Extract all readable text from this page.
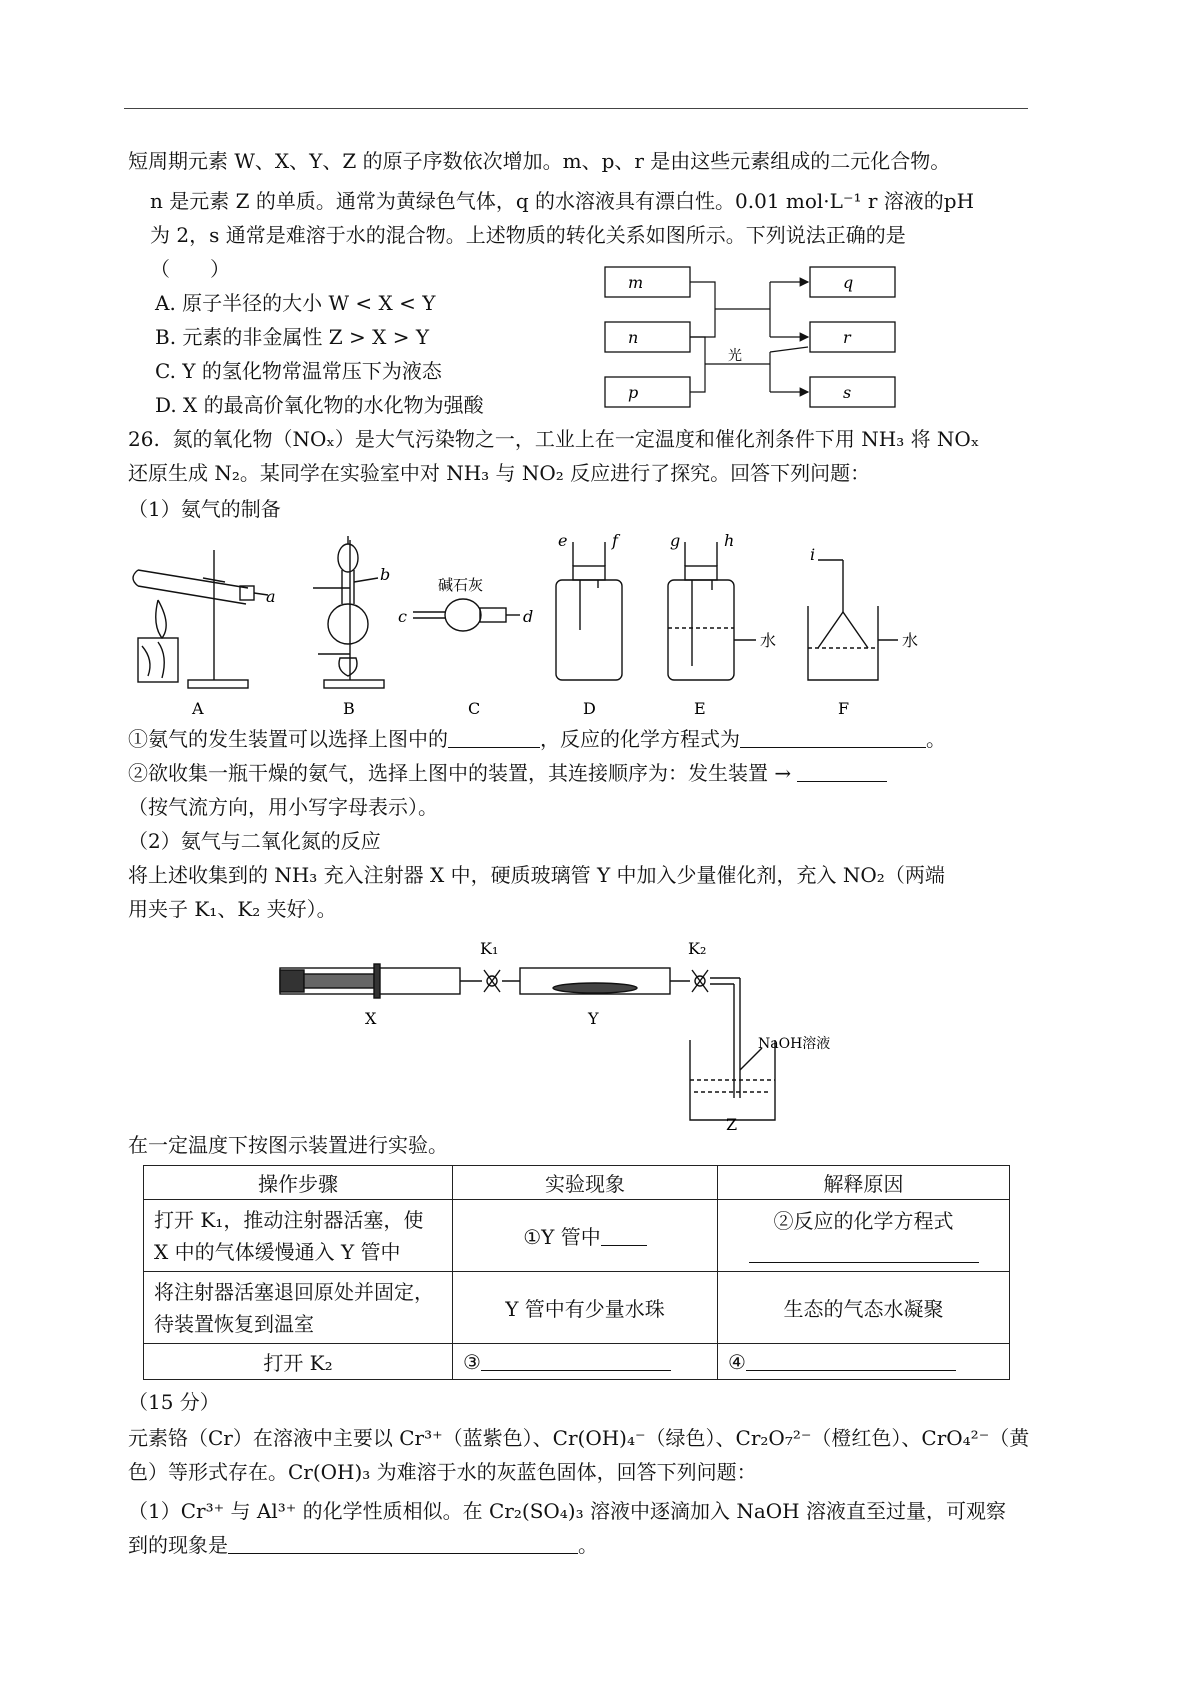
短周期元素 W、X、Y、Z 的原子序数依次增加。m、p、r 是由这些元素组成的二元化合物。
n 是元素 Z 的单质。通常为黄绿色气体，q 的水溶液具有漂白性。0.01 mol·L⁻¹ r 溶液的pH
为 2，s 通常是难溶于水的混合物。上述物质的转化关系如图所示。下列说法正确的是
（　　）
A. 原子半径的大小 W < X < Y
B. 元素的非金属性 Z > X > Y
C. Y 的氢化物常温常压下为液态
D. X 的最高价氧化物的水化物为强酸
m
n
p
q
r
s
光
26. 氮的氧化物（NOₓ）是大气污染物之一，工业上在一定温度和催化剂条件下用 NH₃ 将 NOₓ
还原生成 N₂。某同学在实验室中对 NH₃ 与 NO₂ 反应进行了探究。回答下列问题：
（1）氨气的制备
a
b
c	d
e	f	g	h
i
碱石灰
水	水
A	B	C	D	E	F
①氨气的发生装置可以选择上图中的	，反应的化学方程式为	。
②欲收集一瓶干燥的氨气，选择上图中的装置，其连接顺序为：发生装置 →
（按气流方向，用小写字母表示）。
（2）氨气与二氧化氮的反应
将上述收集到的 NH₃ 充入注射器 X 中，硬质玻璃管 Y 中加入少量催化剂，充入 NO₂（两端
用夹子 K₁、K₂ 夹好）。
X	Y
K₁	K₂
NaOH溶液
Z
在一定温度下按图示装置进行实验。
操作步骤	实验现象	解释原因
打开 K₁，推动注射器活塞，使 X 中的气体缓慢通入 Y 管中	①Y 管中	②反应的化学方程式

将注射器活塞退回原处并固定，待装置恢复到温室	Y 管中有少量水珠	生态的气态水凝聚
打开 K₂	③	④
（15 分）
元素铬（Cr）在溶液中主要以 Cr³⁺（蓝紫色）、Cr(OH)₄⁻（绿色）、Cr₂O₇²⁻（橙红色）、CrO₄²⁻（黄
色）等形式存在。Cr(OH)₃ 为难溶于水的灰蓝色固体，回答下列问题：
（1）Cr³⁺ 与 Al³⁺ 的化学性质相似。在 Cr₂(SO₄)₃ 溶液中逐滴加入 NaOH 溶液直至过量，可观察
到的现象是	。
